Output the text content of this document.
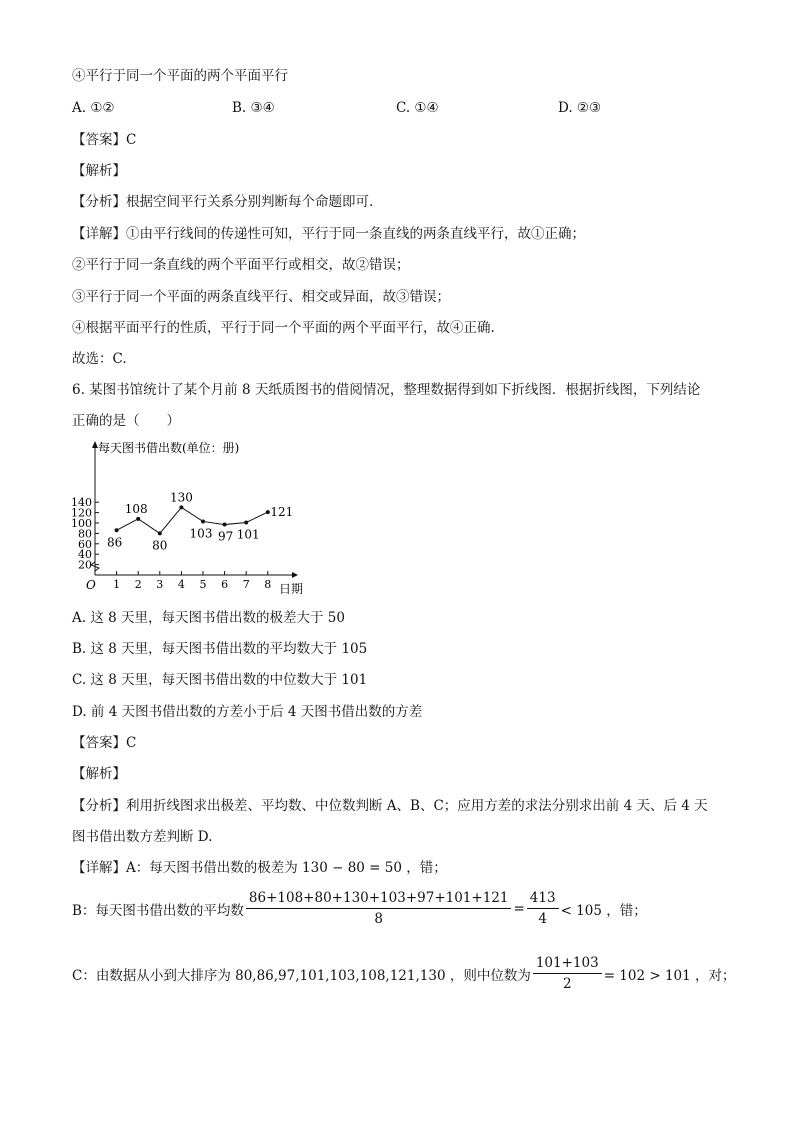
④平行于同一个平面的两个平面平行
A. ①②	B. ③④	C. ①④	D. ②③
【答案】C
【解析】
【分析】根据空间平行关系分别判断每个命题即可.
【详解】①由平行线间的传递性可知，平行于同一条直线的两条直线平行，故①正确；
②平行于同一条直线的两个平面平行或相交，故②错误；
③平行于同一个平面的两条直线平行、相交或异面，故③错误；
④根据平面平行的性质，平行于同一个平面的两个平面平行，故④正确.
故选：C.
6. 某图书馆统计了某个月前 8 天纸质图书的借阅情况，整理数据得到如下折线图．根据折线图，下列结论
正确的是（　　）
每天图书借出数(单位：册)
日期
O
20
40
60
80
100
120
140
1 2 3 4 5 6 7 8
86
108
80
130
103 97 101
121
A. 这 8 天里，每天图书借出数的极差大于 50
B. 这 8 天里，每天图书借出数的平均数大于 105
C. 这 8 天里，每天图书借出数的中位数大于 101
D. 前 4 天图书借出数的方差小于后 4 天图书借出数的方差
【答案】C
【解析】
【分析】利用折线图求出极差、平均数、中位数判断 A、B、C；应用方差的求法分别求出前 4 天、后 4 天
图书借出数方差判断 D.
【详解】A：每天图书借出数的极差为 130 − 80 = 50 ，错；
B：每天图书借出数的平均数 $\frac{86+108+80+130+103+97+101+121}{8} = \frac{413}{4} < 105$ ，错；
C：由数据从小到大排序为 80,86,97,101,103,108,121,130 ，则中位数为 $\frac{101+103}{2} = 102 > 101$ ，对；
